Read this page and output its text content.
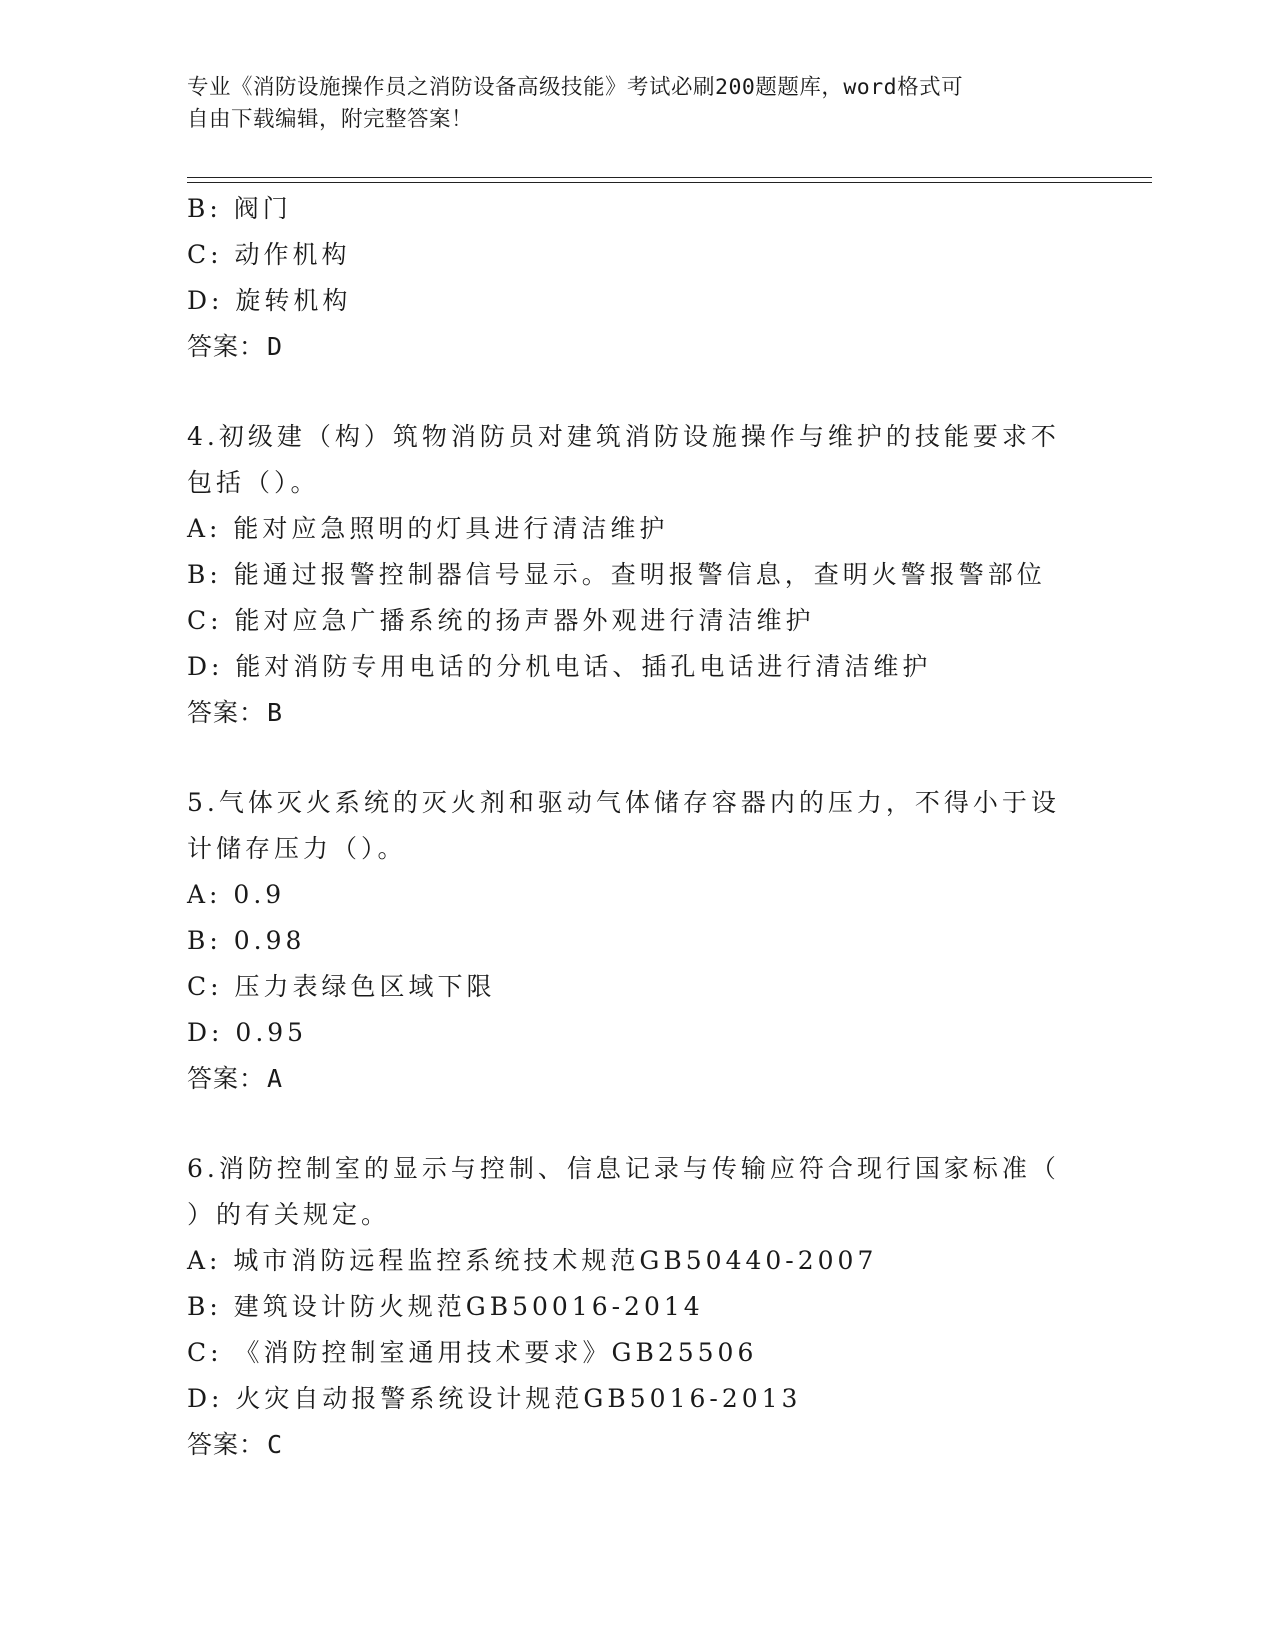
专业《消防设施操作员之消防设备高级技能》考试必刷200题题库，word格式可
自由下载编辑，附完整答案！
B: 阀门
C: 动作机构
D: 旋转机构
答案：D
4.初级建（构）筑物消防员对建筑消防设施操作与维护的技能要求不
包括（）。
A: 能对应急照明的灯具进行清洁维护
B: 能通过报警控制器信号显示。查明报警信息，查明火警报警部位
C: 能对应急广播系统的扬声器外观进行清洁维护
D: 能对消防专用电话的分机电话、插孔电话进行清洁维护
答案：B
5.气体灭火系统的灭火剂和驱动气体储存容器内的压力，不得小于设
计储存压力（）。
A: 0.9
B: 0.98
C: 压力表绿色区域下限
D: 0.95
答案：A
6.消防控制室的显示与控制、信息记录与传输应符合现行国家标准（
）的有关规定。
A: 城市消防远程监控系统技术规范GB50440-2007
B: 建筑设计防火规范GB50016-2014
C: 《消防控制室通用技术要求》GB25506
D: 火灾自动报警系统设计规范GB5016-2013
答案：C
